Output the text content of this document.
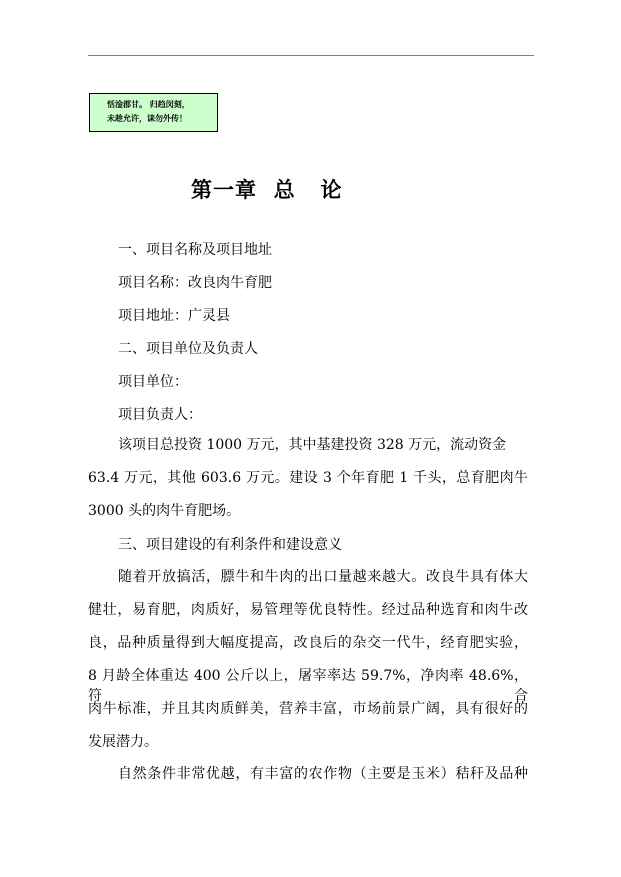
恬淦郡甘。 归趋闵刻，
未趁允许，诔勿外传！
第一章  总   论
一、项目名称及项目地址
项目名称：改良肉牛育肥
项目地址：广灵县
二、项目单位及负责人
项目单位：
项目负责人：
该项目总投资 1000 万元，其中基建投资 328 万元，流动资金
63.4 万元，其他 603.6 万元。建设 3 个年育肥 1 千头，总育肥肉牛
3000 头的肉牛育肥场。
三、项目建设的有利条件和建设意义
随着开放搞活，膘牛和牛肉的出口量越来越大。改良牛具有体大
健壮，易育肥，肉质好，易管理等优良特性。经过品种选育和肉牛改
良，品种质量得到大幅度提高，改良后的杂交一代牛，经育肥实验，
8 月龄全体重达 400 公斤以上，屠宰率达 59.7%，净肉率 48.6%，符合
肉牛标准，并且其肉质鲜美，营养丰富，市场前景广阔，具有很好的
发展潜力。
自然条件非常优越，有丰富的农作物（主要是玉米）秸秆及品种
